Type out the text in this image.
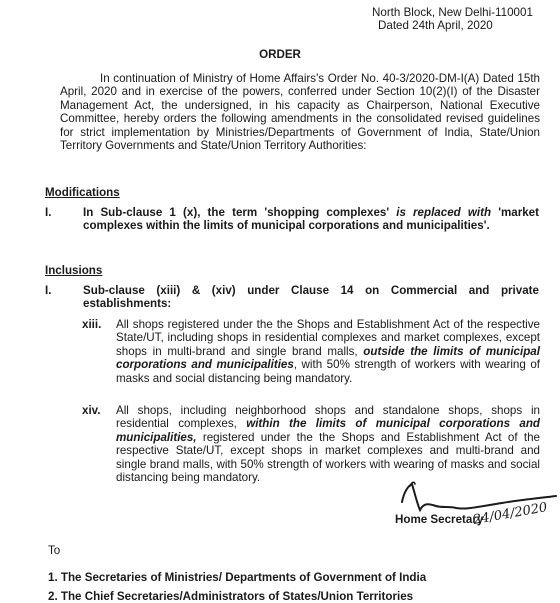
North Block, New Delhi-110001
Dated 24th April, 2020
ORDER

In continuation of Ministry of Home Affairs's Order No. 40-3/2020-DM-I(A) Dated 15th April, 2020 and in exercise of the powers, conferred under Section 10(2)(I) of the Disaster Management Act, the undersigned, in his capacity as Chairperson, National Executive Committee, hereby orders the following amendments in the consolidated revised guidelines for strict implementation by Ministries/Departments of Government of India, State/Union Territory Governments and State/Union Territory Authorities:

Modifications
I.	In Sub-clause 1 (x), the term 'shopping complexes' is replaced with 'market complexes within the limits of municipal corporations and municipalities'.
Inclusions
I.	Sub-clause (xiii) & (xiv) under Clause 14 on Commercial and private establishments:
xiii. All shops registered under the the Shops and Establishment Act of the respective State/UT, including shops in residential complexes and market complexes, except shops in multi-brand and single brand malls, outside the limits of municipal corporations and municipalities, with 50% strength of workers with wearing of masks and social distancing being mandatory.
xiv. All shops, including neighborhood shops and standalone shops, shops in residential complexes, within the limits of municipal corporations and municipalities, registered under the the Shops and Establishment Act of the respective State/UT, except shops in market complexes and multi-brand and single brand malls, with 50% strength of workers with wearing of masks and social distancing being mandatory.
24/04/2020
Home Secretary
To
1. The Secretaries of Ministries/ Departments of Government of India
2. The Chief Secretaries/Administrators of States/Union Territories
